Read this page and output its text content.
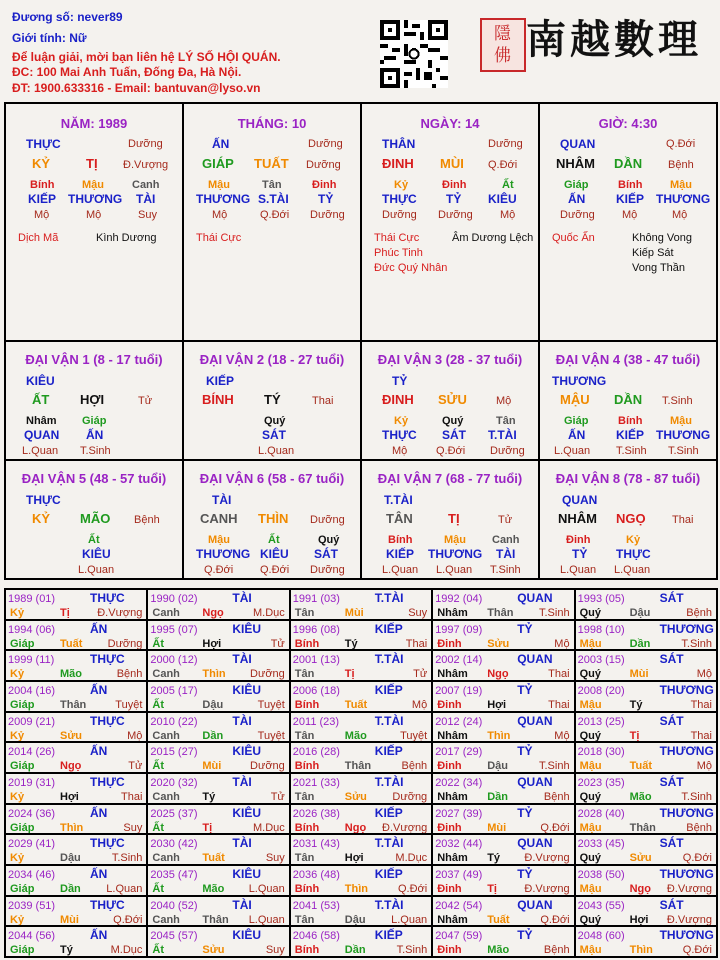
Đương số: never89
Giới tính: Nữ
Để luận giải, mời bạn liên hệ LÝ SỐ HỘI QUÁN.
ĐC: 100 Mai Anh Tuấn, Đống Đa, Hà Nội.
ĐT: 1900.633316 - Email: bantuvan@lyso.vn
隱佛 南越數理
NĂM: 1989
THỰC	Dưỡng
KỶ	TỊ Đ.Vượng
Bính	Mậu	Canh
KIẾP THƯƠNG TÀI
Mộ	Mộ	Suy
Dịch Mã	Kình Dương
THÁNG: 10
ẤN	Dưỡng
GIÁP TUẤT Dưỡng
Mậu	Tân	Đinh
THƯƠNG S.TÀI TỶ
Mộ	Q.Đới Dưỡng
Thái Cực
NGÀY: 14
THÂN	Dưỡng
ĐINH MÙI Q.Đới
Kỷ	Đinh	Ất
THỰC TỶ KIÊU
Dưỡng Dưỡng Mộ
Thái Cực
Phúc Tinh
Đức Quý Nhân
Âm Dương Lệch
GIỜ: 4:30
QUAN	Q.Đới
NHÂM DẦN Bệnh
Giáp	Bính	Mậu
ẤN	KIẾP THƯƠNG
Dưỡng Mộ	Mộ
Quốc Ấn	Không Vong
Kiếp Sát
Vong Thần
ĐẠI VẬN 1 (8 - 17 tuổi)
KIÊU
ẤT HỢI	Tử
Nhâm Giáp
QUAN ẤN
L.Quan T.Sinh
ĐẠI VẬN 2 (18 - 27 tuổi)
KIẾP
BÍNH TÝ	Thai
Quý
SÁT
L.Quan
ĐẠI VẬN 3 (28 - 37 tuổi)
TỶ
ĐINH SỬU	Mộ
Kỷ	Quý	Tân
THỰC SÁT T.TÀI
Mộ	Q.Đới Dưỡng
ĐẠI VẬN 4 (38 - 47 tuổi)
THƯƠNG
MẬU DẦN T.Sinh
Giáp	Bính	Mậu
ẤN	KIẾP THƯƠNG
L.Quan T.Sinh T.Sinh
ĐẠI VẬN 5 (48 - 57 tuổi)
THỰC
KỶ MÃO Bệnh
Ất
KIÊU
L.Quan
ĐẠI VẬN 6 (58 - 67 tuổi)
TÀI
CANH THÌN Dưỡng
Mậu	Ất	Quý
THƯƠNG KIÊU SÁT
Q.Đới Q.Đới Dưỡng
ĐẠI VẬN 7 (68 - 77 tuổi)
T.TÀI
TÂN	TỊ	Tử
Bính	Mậu Canh
KIẾP THƯƠNG TÀI
L.Quan L.Quan T.Sinh
ĐẠI VẬN 8 (78 - 87 tuổi)
QUAN
NHÂM NGỌ Thai
Đinh	Kỷ
TỶ THỰC
L.Quan L.Quan
1989 (01)	THỰC
Kỷ	Tị Đ.Vượng
1990 (02)	TÀI
Canh Ngọ	M.Dục
1991 (03)	T.TÀI
Tân	Mùi	Suy
1992 (04)	QUAN
Nhâm Thân T.Sinh
1993 (05)	SÁT
Quý	Dậu	Bệnh
1994 (06)	ẤN
Giáp Tuất Dưỡng
1995 (07)	KIÊU
Ất	Hợi	Tử
1996 (08)	KIẾP
Bính Tý	Thai
1997 (09)	TỶ
Đinh Sửu	Mộ
1998 (10)	THƯƠNG
Mậu	Dần	T.Sinh
1999 (11)	THỰC
Kỷ	Mão	Bệnh
2000 (12)	TÀI
Canh Thìn Dưỡng
2001 (13)	T.TÀI
Tân	Tị	Tử
2002 (14)	QUAN
Nhâm Ngọ	Thai
2003 (15)	SÁT
Quý	Mùi	Mộ
2004 (16)	ẤN
Giáp Thân	Tuyệt
2005 (17)	KIÊU
Ất	Dậu	Tuyệt
2006 (18)	KIẾP
Bính Tuất	Mộ
2007 (19)	TỶ
Đinh Hợi	Thai
2008 (20)	THƯƠNG
Mậu	Tý	Thai
2009 (21)	THỰC
Kỷ	Sửu	Mộ
2010 (22)	TÀI
Canh Dần	Tuyệt
2011 (23)	T.TÀI
Tân	Mão	Tuyệt
2012 (24)	QUAN
Nhâm Thìn	Mộ
2013 (25)	SÁT
Quý	Tị	Thai
2014 (26)	ẤN
Giáp Ngọ	Tử
2015 (27)	KIÊU
Ất	Mùi	Dưỡng
2016 (28)	KIẾP
Bính Thân	Bệnh
2017 (29)	TỶ
Đinh Dậu	T.Sinh
2018 (30)	THƯƠNG
Mậu	Tuất	Mộ
2019 (31)	THỰC
Kỷ	Hợi	Thai
2020 (32)	TÀI
Canh Tý	Tử
2021 (33)	T.TÀI
Tân	Sửu Dưỡng
2022 (34)	QUAN
Nhâm Dần	Bệnh
2023 (35)	SÁT
Quý	Mão	T.Sinh
2024 (36)	ẤN
Giáp Thìn	Suy
2025 (37)	KIÊU
Ất	Tị	M.Dục
2026 (38)	KIẾP
Bính Ngọ Đ.Vượng
2027 (39)	TỶ
Đinh Mùi	Q.Đới
2028 (40)	THƯƠNG
Mậu	Thân	Bệnh
2029 (41)	THỰC
Kỷ	Dậu	T.Sinh
2030 (42)	TÀI
Canh Tuất	Suy
2031 (43)	T.TÀI
Tân	Hợi	M.Dục
2032 (44)	QUAN
Nhâm Tý Đ.Vượng
2033 (45)	SÁT
Quý	Sửu	Q.Đới
2034 (46)	ẤN
Giáp Dần L.Quan
2035 (47)	KIÊU
Ất	Mão L.Quan
2036 (48)	KIẾP
Bính Thìn	Q.Đới
2037 (49)	TỶ
Đinh Tị Đ.Vượng
2038 (50)	THƯƠNG
Mậu	Ngọ Đ.Vượng
2039 (51)	THỰC
Kỷ	Mùi	Q.Đới
2040 (52)	TÀI
Canh Thân L.Quan
2041 (53)	T.TÀI
Tân	Dậu L.Quan
2042 (54)	QUAN
Nhâm Tuất	Q.Đới
2043 (55)	SÁT
Quý	Hợi Đ.Vượng
2044 (56)	ẤN
Giáp Tý	M.Dục
2045 (57)	KIÊU
Ất	Sửu	Suy
2046 (58)	KIẾP
Bính Dần	T.Sinh
2047 (59)	TỶ
Đinh Mão	Bệnh
2048 (60)	THƯƠNG
Mậu	Thìn	Q.Đới
